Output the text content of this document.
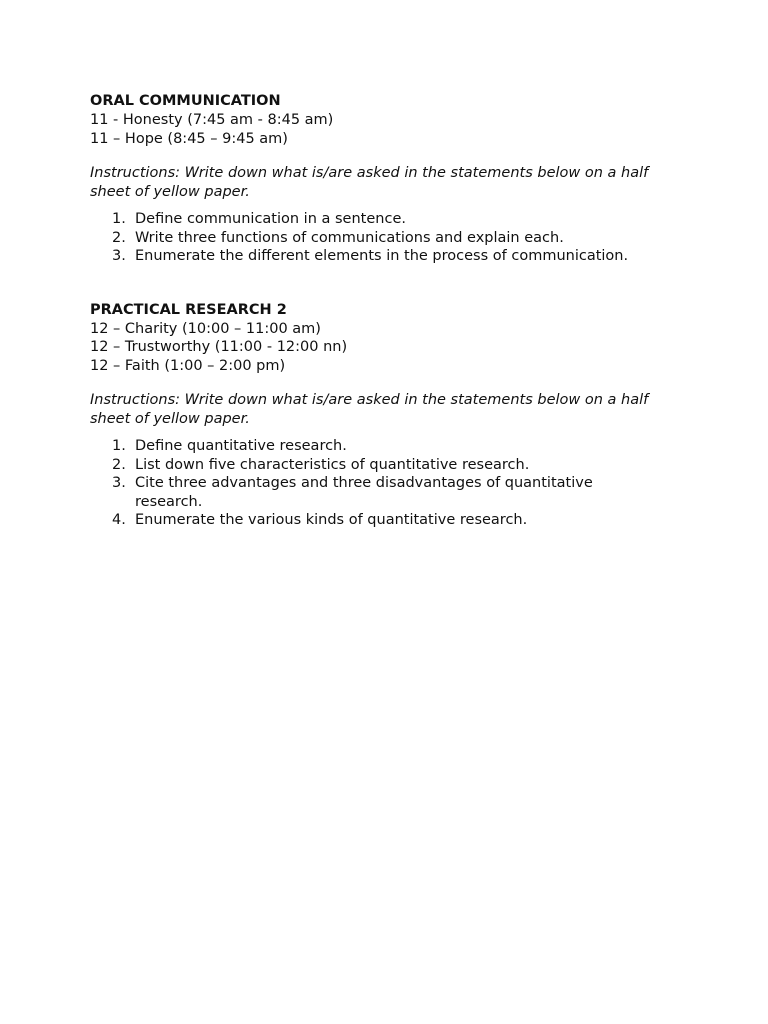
ORAL COMMUNICATION

11 - Honesty (7:45 am - 8:45 am)

11 – Hope (8:45 – 9:45 am)

Instructions: Write down what is/are asked in the statements below on a half sheet of yellow paper.

1. Define communication in a sentence.
2. Write three functions of communications and explain each.
3. Enumerate the different elements in the process of communication.

PRACTICAL RESEARCH 2

12 – Charity (10:00 – 11:00 am)

12 – Trustworthy (11:00 - 12:00 nn)

12 – Faith (1:00 – 2:00 pm)

Instructions: Write down what is/are asked in the statements below on a half sheet of yellow paper.

1. Define quantitative research.
2. List down five characteristics of quantitative research.
3. Cite three advantages and three disadvantages of quantitative research.
4. Enumerate the various kinds of quantitative research.
